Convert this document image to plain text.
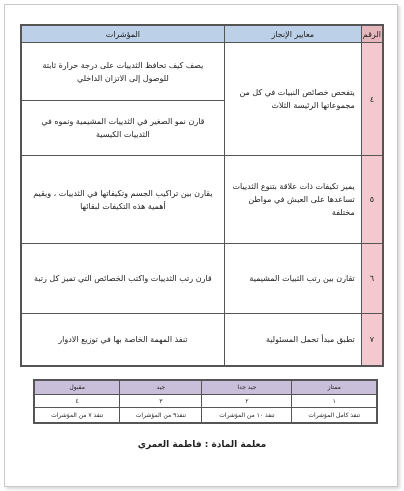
الرقم	معايير الإنجاز	المؤشرات
٤	يتفحص خصائص النبيات في كل من مجموعاتها الرئيسة الثلاث	يصف كيف تحافظ الثدييات على درجة حرارة ثابتة للوصول إلى الاتزان الداخلي
		قارن نمو الصغير في الثدييات المشيمية ونموه في الثدييات الكيسية
٥	يميز تكيفات ذات علاقة بتنوع الثدييات تساعدها على العيش في مواطن مختلفة	يقارن بين تراكيب الجسم وتكيفاتها في الثدييات ، ويقيم أهمية هذه التكيفات لبقائها
٦	تقارن بين رتب الثبيات المشيمية	قارن رتب الثدييات واكتب الخصائص التي تميز كل رتبة
٧	تطبق مبدأ تحمل المسئولية	تنفذ المهمة الخاصة بها في توزيع الادوار
ممتاز	جيد جدا	جيد	مقبول
١	٢	٣	٤
تنفذ كامل المؤشرات	تنفذ ١٠ من المؤشرات	تنفذ٩ من المؤشرات	تنفذ ٧ من المؤشرات
معلمة المادة : فاطمة العمري
